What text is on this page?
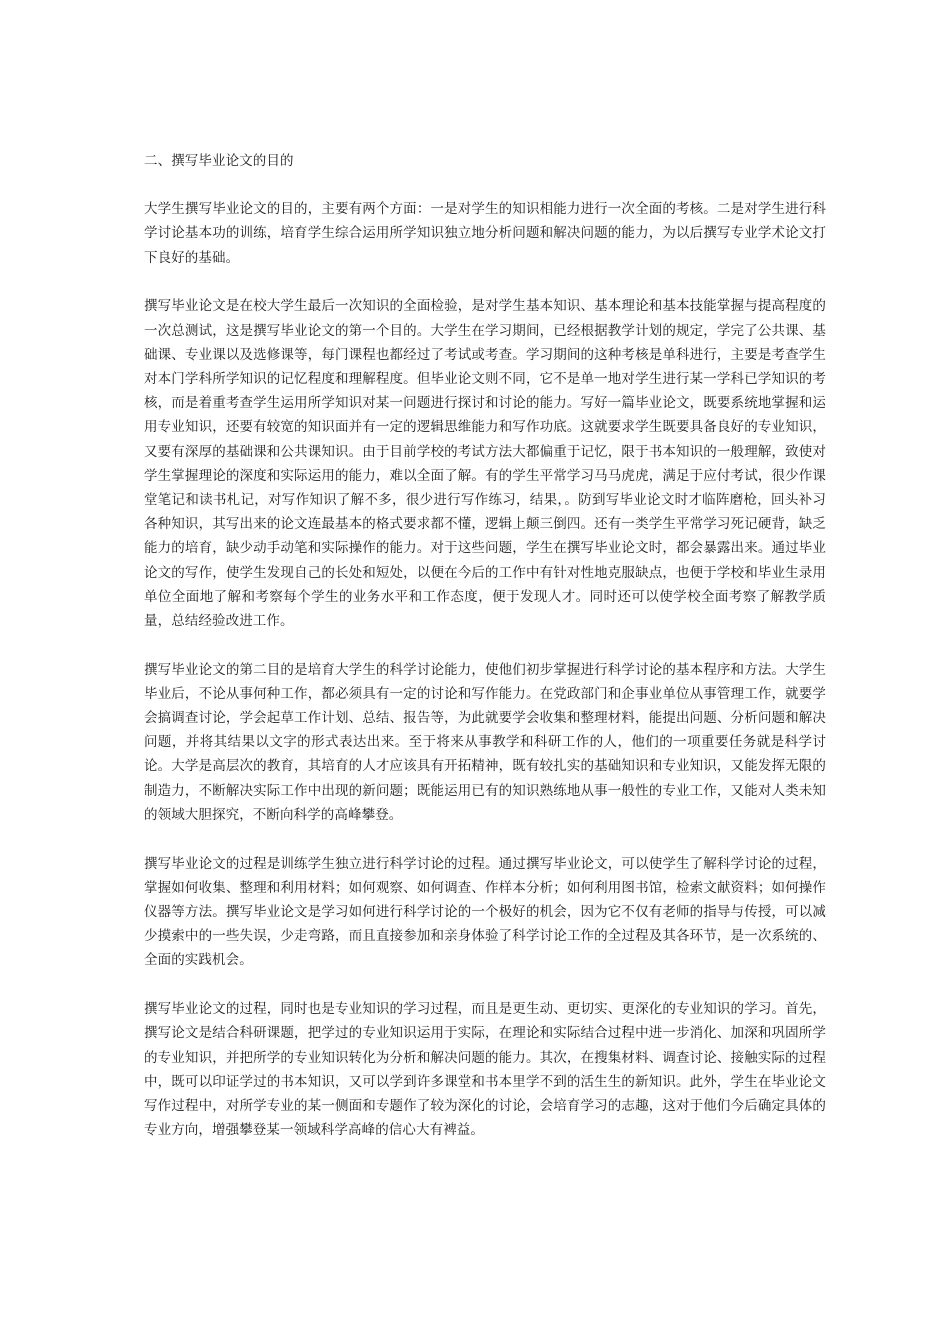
二、撰写毕业论文的目的

大学生撰写毕业论文的目的，主要有两个方面：一是对学生的知识相能力进行一次全面的考核。二是对学生进行科学讨论基本功的训练，培育学生综合运用所学知识独立地分析问题和解决问题的能力，为以后撰写专业学术论文打下良好的基础。

撰写毕业论文是在校大学生最后一次知识的全面检验，是对学生基本知识、基本理论和基本技能掌握与提高程度的一次总测试，这是撰写毕业论文的第一个目的。大学生在学习期间，已经根据教学计划的规定，学完了公共课、基础课、专业课以及选修课等，每门课程也都经过了考试或考查。学习期间的这种考核是单科进行，主要是考查学生对本门学科所学知识的记忆程度和理解程度。但毕业论文则不同，它不是单一地对学生进行某一学科已学知识的考核，而是着重考查学生运用所学知识对某一问题进行探讨和讨论的能力。写好一篇毕业论文，既要系统地掌握和运用专业知识，还要有较宽的知识面并有一定的逻辑思维能力和写作功底。这就要求学生既要具备良好的专业知识，又要有深厚的基础课和公共课知识。由于目前学校的考试方法大都偏重于记忆，限于书本知识的一般理解，致使对学生掌握理论的深度和实际运用的能力，难以全面了解。有的学生平常学习马马虎虎，满足于应付考试，很少作课堂笔记和读书札记，对写作知识了解不多，很少进行写作练习，结果，。防到写毕业论文时才临阵磨枪，回头补习各种知识，其写出来的论文连最基本的格式要求都不懂，逻辑上颠三倒四。还有一类学生平常学习死记硬背，缺乏能力的培育，缺少动手动笔和实际操作的能力。对于这些问题，学生在撰写毕业论文时，都会暴露出来。通过毕业论文的写作，使学生发现自己的长处和短处，以便在今后的工作中有针对性地克服缺点，也便于学校和毕业生录用单位全面地了解和考察每个学生的业务水平和工作态度，便于发现人才。同时还可以使学校全面考察了解教学质量，总结经验改进工作。

撰写毕业论文的第二目的是培育大学生的科学讨论能力，使他们初步掌握进行科学讨论的基本程序和方法。大学生毕业后，不论从事何种工作，都必须具有一定的讨论和写作能力。在党政部门和企事业单位从事管理工作，就要学会搞调查讨论，学会起草工作计划、总结、报告等，为此就要学会收集和整理材料，能提出问题、分析问题和解决问题，并将其结果以文字的形式表达出来。至于将来从事教学和科研工作的人，他们的一项重要任务就是科学讨论。大学是高层次的教育，其培育的人才应该具有开拓精神，既有较扎实的基础知识和专业知识，又能发挥无限的制造力，不断解决实际工作中出现的新问题；既能运用已有的知识熟练地从事一般性的专业工作，又能对人类未知的领域大胆探究，不断向科学的高峰攀登。

撰写毕业论文的过程是训练学生独立进行科学讨论的过程。通过撰写毕业论文，可以使学生了解科学讨论的过程，掌握如何收集、整理和利用材料；如何观察、如何调查、作样本分析；如何利用图书馆，检索文献资料；如何操作仪器等方法。撰写毕业论文是学习如何进行科学讨论的一个极好的机会，因为它不仅有老师的指导与传授，可以减少摸索中的一些失误，少走弯路，而且直接参加和亲身体验了科学讨论工作的全过程及其各环节，是一次系统的、全面的实践机会。

撰写毕业论文的过程，同时也是专业知识的学习过程，而且是更生动、更切实、更深化的专业知识的学习。首先，撰写论文是结合科研课题，把学过的专业知识运用于实际，在理论和实际结合过程中进一步消化、加深和巩固所学的专业知识，并把所学的专业知识转化为分析和解决问题的能力。其次，在搜集材料、调查讨论、接触实际的过程中，既可以印证学过的书本知识，又可以学到许多课堂和书本里学不到的活生生的新知识。此外，学生在毕业论文写作过程中，对所学专业的某一侧面和专题作了较为深化的讨论，会培育学习的志趣，这对于他们今后确定具体的专业方向，增强攀登某一领域科学高峰的信心大有裨益。
